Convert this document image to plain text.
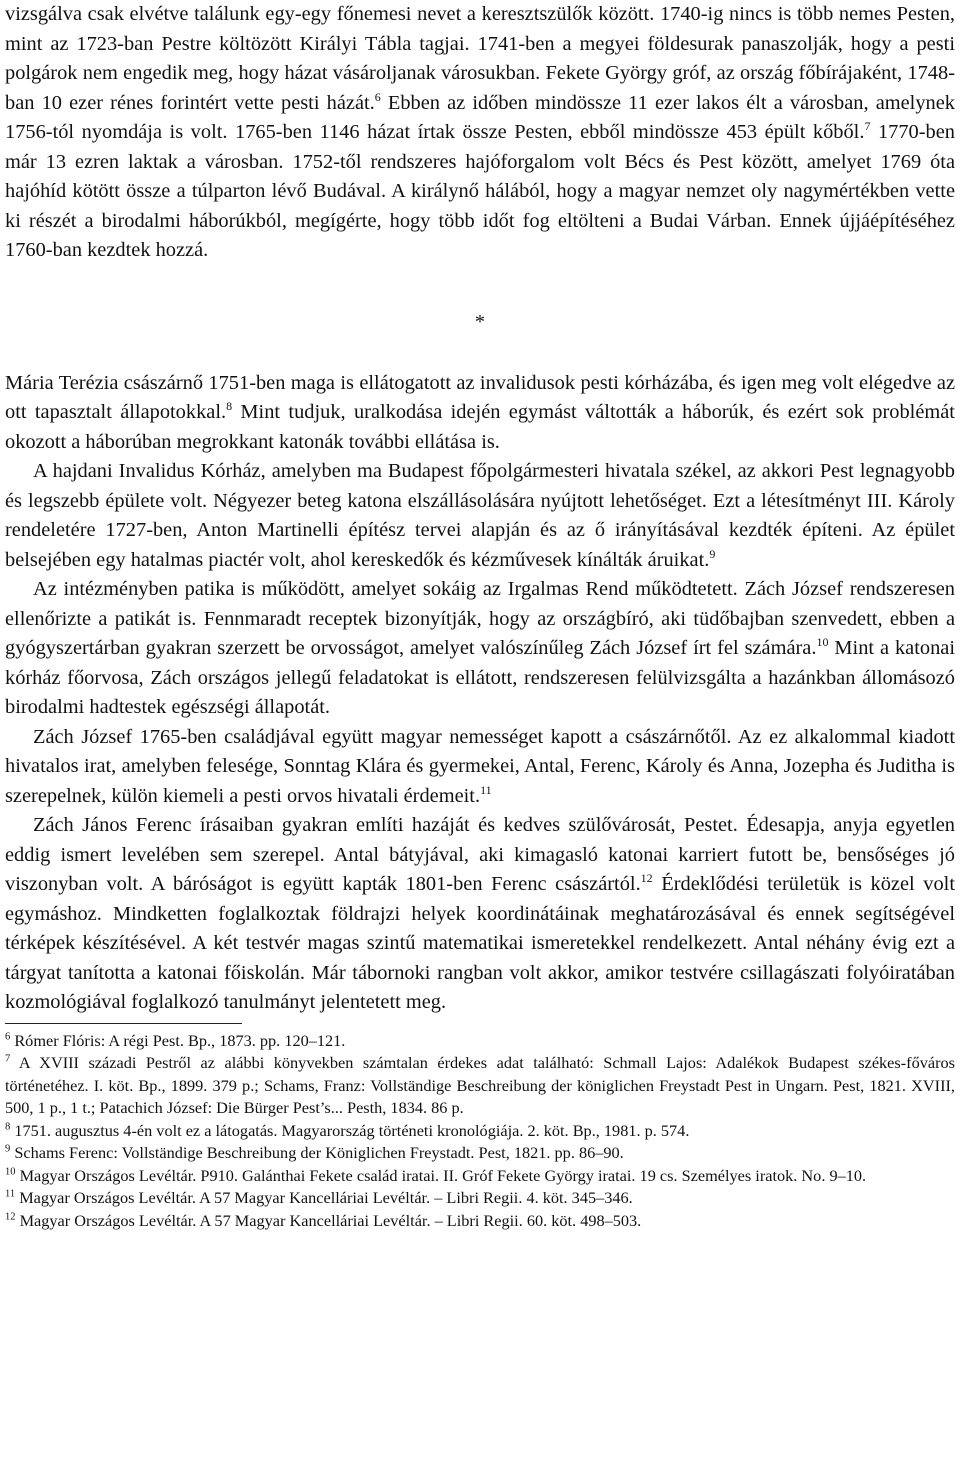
vizsgálva csak elvétve találunk egy-egy főnemesi nevet a keresztszülők között. 1740-ig nincs is több nemes Pesten, mint az 1723-ban Pestre költözött Királyi Tábla tagjai. 1741-ben a megyei földesurak panaszolják, hogy a pesti polgárok nem engedik meg, hogy házat vásároljanak városukban. Fekete György gróf, az ország főbírájaként, 1748-ban 10 ezer rénes forintért vette pesti házát.$^6$ Ebben az időben mindössze 11 ezer lakos élt a városban, amelynek 1756-tól nyomdája is volt. 1765-ben 1146 házat írtak össze Pesten, ebből mindössze 453 épült kőből.$^7$ 1770-ben már 13 ezren laktak a városban. 1752-től rendszeres hajóforgalom volt Bécs és Pest között, amelyet 1769 óta hajóhíd kötött össze a túlparton lévő Budával. A királynő hálából, hogy a magyar nemzet oly nagymértékben vette ki részét a birodalmi háborúkból, megígérte, hogy több időt fog eltölteni a Budai Várban. Ennek újjáépítéséhez 1760-ban kezdtek hozzá.

*

Mária Terézia császárnő 1751-ben maga is ellátogatott az invalidusok pesti kórházába, és igen meg volt elégedve az ott tapasztalt állapotokkal.$^8$ Mint tudjuk, uralkodása idején egymást váltották a háborúk, és ezért sok problémát okozott a háborúban megrokkant katonák további ellátása is.

A hajdani Invalidus Kórház, amelyben ma Budapest főpolgármesteri hivatala székel, az akkori Pest legnagyobb és legszebb épülete volt. Négyezer beteg katona elszállásolására nyújtott lehetőséget. Ezt a létesítményt III. Károly rendeletére 1727-ben, Anton Martinelli építész tervei alapján és az ő irányításával kezdték építeni. Az épület belsejében egy hatalmas piactér volt, ahol kereskedők és kézművesek kínálták áruikat.$^9$

Az intézményben patika is működött, amelyet sokáig az Irgalmas Rend működtetett. Zách József rendszeresen ellenőrizte a patikát is. Fennmaradt receptek bizonyítják, hogy az országbíró, aki tüdőbajban szenvedett, ebben a gyógyszertárban gyakran szerzett be orvosságot, amelyet valószínűleg Zách József írt fel számára.$^{10}$ Mint a katonai kórház főorvosa, Zách országos jellegű feladatokat is ellátott, rendszeresen felülvizsgálta a hazánkban állomásozó birodalmi hadtestek egészségi állapotát.

Zách József 1765-ben családjával együtt magyar nemességet kapott a császárnőtől. Az ez alkalommal kiadott hivatalos irat, amelyben felesége, Sonntag Klára és gyermekei, Antal, Ferenc, Károly és Anna, Jozepha és Juditha is szerepelnek, külön kiemeli a pesti orvos hivatali érdemeit.$^{11}$

Zách János Ferenc írásaiban gyakran említi hazáját és kedves szülővárosát, Pestet. Édesapja, anyja egyetlen eddig ismert levelében sem szerepel. Antal bátyjával, aki kimagasló katonai karriert futott be, bensőséges jó viszonyban volt. A báróságot is együtt kapták 1801-ben Ferenc császártól.$^{12}$ Érdeklődési területük is közel volt egymáshoz. Mindketten foglalkoztak földrajzi helyek koordinátáinak meghatározásával és ennek segítségével térképek készítésével. A két testvér magas szintű matematikai ismeretekkel rendelkezett. Antal néhány évig ezt a tárgyat tanította a katonai főiskolán. Már tábornoki rangban volt akkor, amikor testvére csillagászati folyóiratában kozmológiával foglalkozó tanulmányt jelentetett meg.

$^6$ Rómer Flóris: A régi Pest. Bp., 1873. pp. 120–121.

$^7$ A XVIII századi Pestről az alábbi könyvekben számtalan érdekes adat található: Schmall Lajos: Adalékok Budapest székes-főváros történetéhez. I. köt. Bp., 1899. 379 p.; Schams, Franz: Vollständige Beschreibung der königlichen Freystadt Pest in Ungarn. Pest, 1821. XVIII, 500, 1 p., 1 t.; Patachich József: Die Bürger Pest’s... Pesth, 1834. 86 p.

$^8$ 1751. augusztus 4-én volt ez a látogatás. Magyarország történeti kronológiája. 2. köt. Bp., 1981. p. 574.

$^9$ Schams Ferenc: Vollständige Beschreibung der Königlichen Freystadt. Pest, 1821. pp. 86–90.

$^{10}$ Magyar Országos Levéltár. P910. Galánthai Fekete család iratai. II. Gróf Fekete György iratai. 19 cs. Személyes iratok. No. 9–10.

$^{11}$ Magyar Országos Levéltár. A 57 Magyar Kancelláriai Levéltár. – Libri Regii. 4. köt. 345–346.

$^{12}$ Magyar Országos Levéltár. A 57 Magyar Kancelláriai Levéltár. – Libri Regii. 60. köt. 498–503.
